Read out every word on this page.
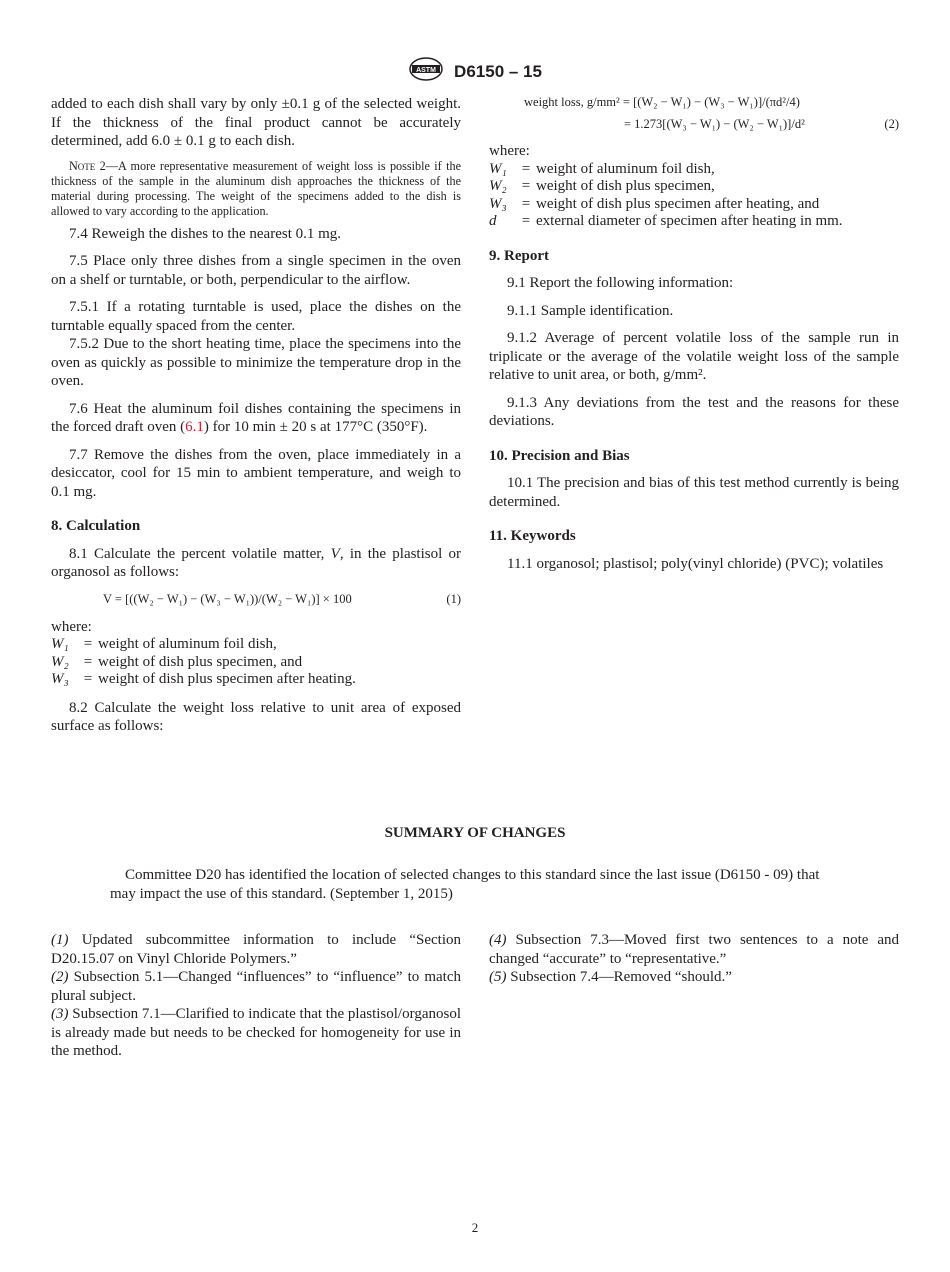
ASTM D6150 – 15

added to each dish shall vary by only ±0.1 g of the selected weight. If the thickness of the final product cannot be accurately determined, add 6.0 ± 0.1 g to each dish.

Note 2—A more representative measurement of weight loss is possible if the thickness of the sample in the aluminum dish approaches the thickness of the material during processing. The weight of the specimens added to the dish is allowed to vary according to the application.

7.4 Reweigh the dishes to the nearest 0.1 mg.

7.5 Place only three dishes from a single specimen in the oven on a shelf or turntable, or both, perpendicular to the airflow.

7.5.1 If a rotating turntable is used, place the dishes on the turntable equally spaced from the center.

7.5.2 Due to the short heating time, place the specimens into the oven as quickly as possible to minimize the temperature drop in the oven.

7.6 Heat the aluminum foil dishes containing the specimens in the forced draft oven (6.1) for 10 min ± 20 s at 177°C (350°F).

7.7 Remove the dishes from the oven, place immediately in a desiccator, cool for 15 min to ambient temperature, and weigh to 0.1 mg.

8. Calculation

8.1 Calculate the percent volatile matter, V, in the plastisol or organosol as follows:

V = [((W₂ − W₁) − (W₃ − W₁))/(W₂ − W₁)] × 100	(1)

where:

W₁	= weight of aluminum foil dish,
W₂	= weight of dish plus specimen, and
W₃	= weight of dish plus specimen after heating.

8.2 Calculate the weight loss relative to unit area of exposed surface as follows:

weight loss, g/mm² = [(W₂ − W₁) − (W₃ − W₁)]/(πd²/4)
= 1.273[(W₃ − W₁) − (W₂ − W₁)]/d²	(2)

where:

W₁	= weight of aluminum foil dish,
W₂	= weight of dish plus specimen,
W₃	= weight of dish plus specimen after heating, and
d	= external diameter of specimen after heating in mm.
9. Report

9.1 Report the following information:

9.1.1 Sample identification.

9.1.2 Average of percent volatile loss of the sample run in triplicate or the average of the volatile weight loss of the sample relative to unit area, or both, g/mm².

9.1.3 Any deviations from the test and the reasons for these deviations.

10. Precision and Bias

10.1 The precision and bias of this test method currently is being determined.

11. Keywords

11.1 organosol; plastisol; poly(vinyl chloride) (PVC); volatiles

SUMMARY OF CHANGES
Committee D20 has identified the location of selected changes to this standard since the last issue (D6150 - 09) that may impact the use of this standard. (September 1, 2015)

(1) Updated subcommittee information to include “Section D20.15.07 on Vinyl Chloride Polymers.”

(2) Subsection 5.1—Changed “influences” to “influence” to match plural subject.

(3) Subsection 7.1—Clarified to indicate that the plastisol/organosol is already made but needs to be checked for homogeneity for use in the method.

(4) Subsection 7.3—Moved first two sentences to a note and changed “accurate” to “representative.”

(5) Subsection 7.4—Removed “should.”

2
